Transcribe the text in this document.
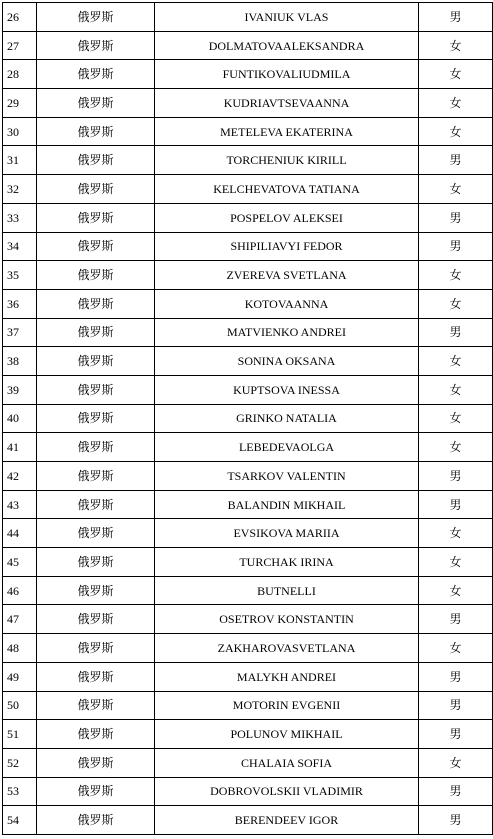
26	俄罗斯	IVANIUK VLAS	男
27	俄罗斯	DOLMATOVAALEKSANDRA	女
28	俄罗斯	FUNTIKOVALIUDMILA	女
29	俄罗斯	KUDRIAVTSEVAANNA	女
30	俄罗斯	METELEVA EKATERINA	女
31	俄罗斯	TORCHENIUK KIRILL	男
32	俄罗斯	KELCHEVATOVA TATIANA	女
33	俄罗斯	POSPELOV ALEKSEI	男
34	俄罗斯	SHIPILIAVYI FEDOR	男
35	俄罗斯	ZVEREVA SVETLANA	女
36	俄罗斯	KOTOVAANNA	女
37	俄罗斯	MATVIENKO ANDREI	男
38	俄罗斯	SONINA OKSANA	女
39	俄罗斯	KUPTSOVA INESSA	女
40	俄罗斯	GRINKO NATALIA	女
41	俄罗斯	LEBEDEVAOLGA	女
42	俄罗斯	TSARKOV VALENTIN	男
43	俄罗斯	BALANDIN MIKHAIL	男
44	俄罗斯	EVSIKOVA MARIIA	女
45	俄罗斯	TURCHAK IRINA	女
46	俄罗斯	BUTNELLI	女
47	俄罗斯	OSETROV KONSTANTIN	男
48	俄罗斯	ZAKHAROVASVETLANA	女
49	俄罗斯	MALYKH ANDREI	男
50	俄罗斯	MOTORIN EVGENII	男
51	俄罗斯	POLUNOV MIKHAIL	男
52	俄罗斯	CHALAIA SOFIA	女
53	俄罗斯	DOBROVOLSKII VLADIMIR	男
54	俄罗斯	BERENDEEV IGOR	男
